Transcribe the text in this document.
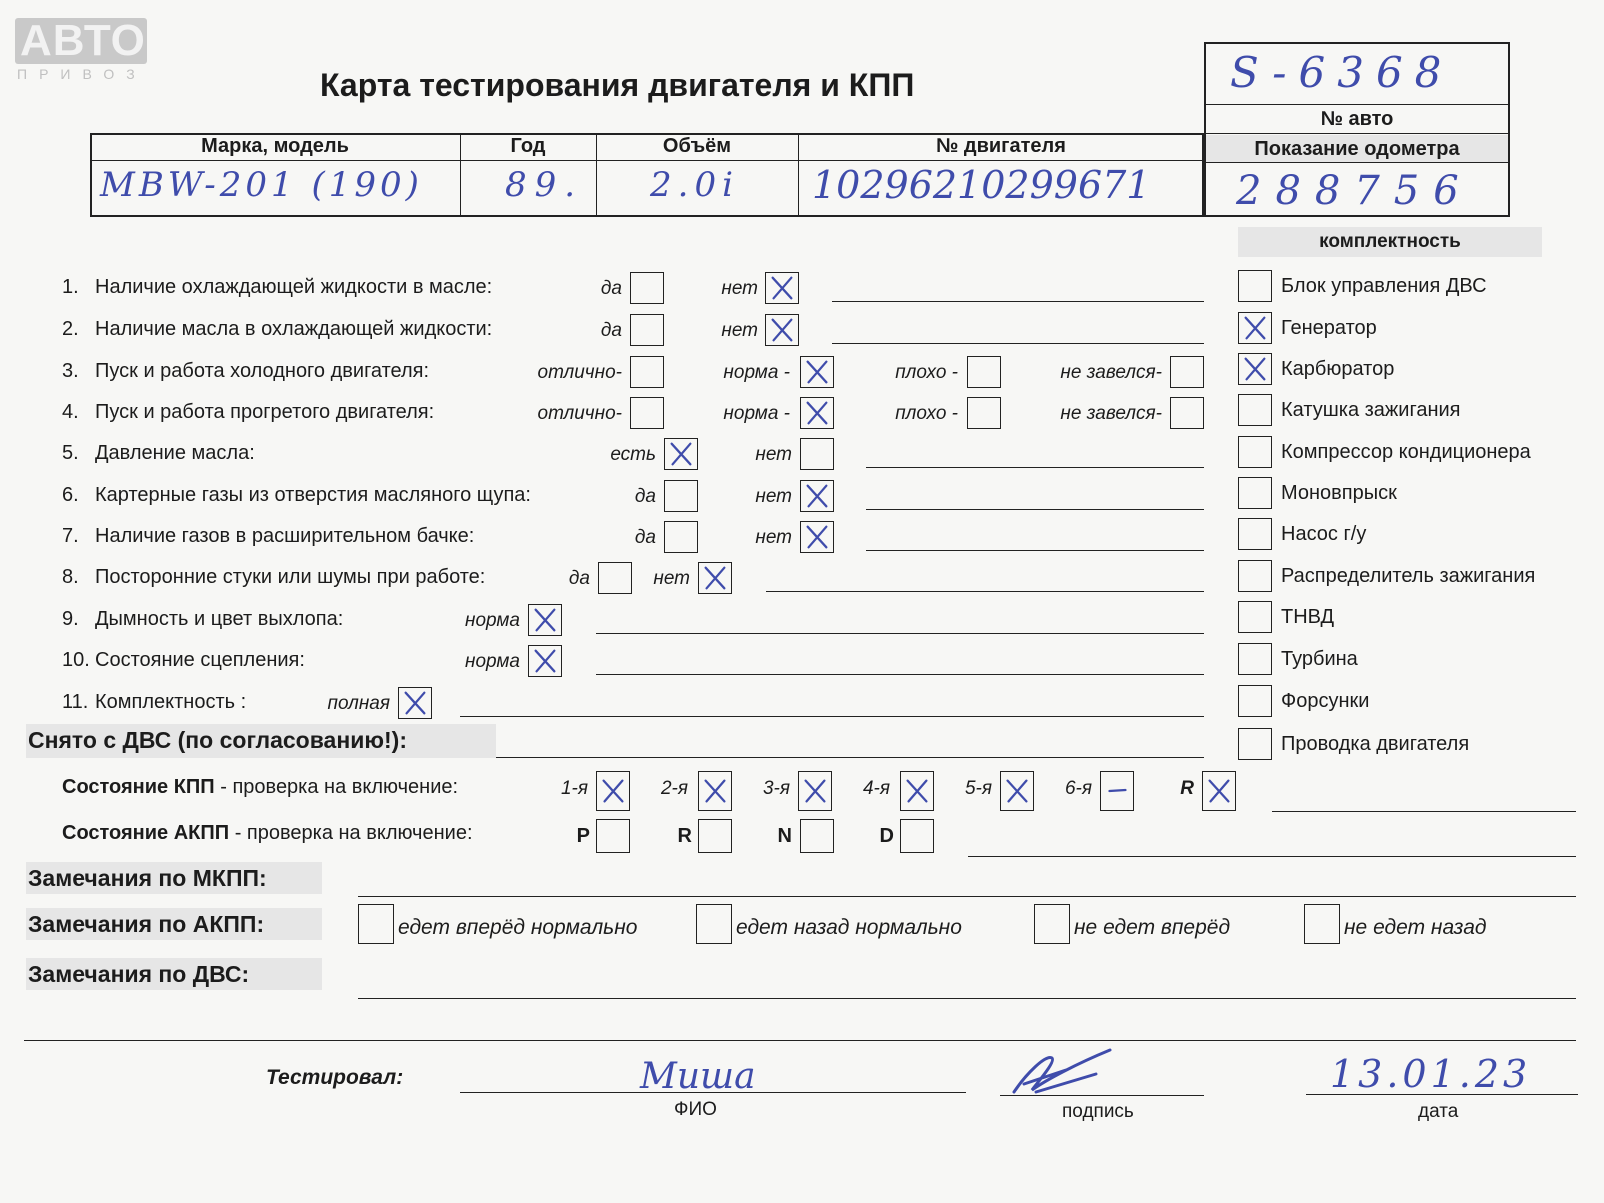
АВТО
ПРИВОЗ	Карта тестирования двигателя и КПП	S-6368
№ авто
Показание одометра
288756
Марка, модель	Год	Объём	№ двигателя
MBW-201 (190) 89. 2.0i 10296210299671
комплектность
Снято с ДВС (по согласованию!):
Состояние КПП - проверка на включение:
Состояние АКПП - проверка на включение:
Замечания по МКПП:
Замечания по АКПП:
Замечания по ДВС:
Тестировал:	Миша
ФИО	подпись
13.01.23
дата
1. Наличие охлаждающей жидкости в масле:	да	нет
2. Наличие масла в охлаждающей жидкости:	да	нет
3. Пуск и работа холодного двигателя:	отлично-	норма -	плохо -	не завелся-
4. Пуск и работа прогретого двигателя:	отлично-	норма -	плохо -	не завелся-
5. Давление масла:	есть	нет
6. Картерные газы из отверстия масляного щупа:	да	нет
7. Наличие газов в расширительном бачке:	да	нет
8. Посторонние стуки или шумы при работе:	да	нет
9. Дымность и цвет выхлопа:	норма
10. Состояние сцепления:	норма
11. Комплектность :	полная
Блок управления ДВС
Генератор
Карбюратор
Катушка зажигания
Компрессор кондиционера
Моновпрыск
Насос г/у
Распределитель зажигания
ТНВД
Турбина
Форсунки
Проводка двигателя
1-я	2-я	3-я	4-я	5-я	6-я	R
P	R	N	D
едет вперёд нормально	едет назад нормально	не едет вперёд	не едет назад
